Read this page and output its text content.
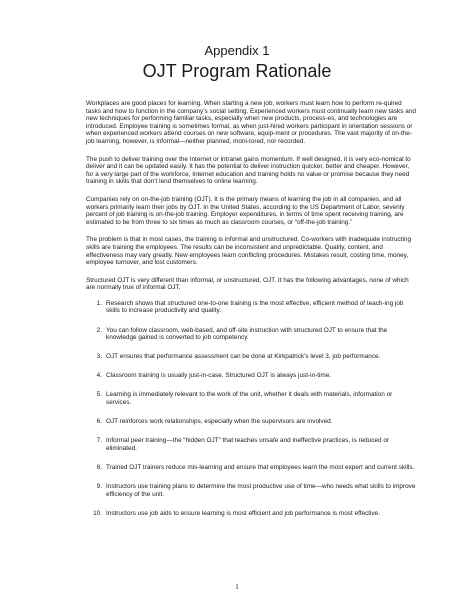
Appendix 1
OJT Program Rationale

Workplaces are good places for learning. When starting a new job, workers must learn how to perform re-quired tasks and how to function in the company’s social setting. Experienced workers must continually learn new tasks and new techniques for performing familiar tasks, especially when new products, process-es, and technologies are introduced. Employee training is sometimes formal, as when just-hired workers participant in orientation sessions or when experienced workers attend courses on new software, equip-ment or procedures. The vast majority of on-the-job learning, however, is informal—neither planned, moni-tored, nor recorded.

The push to deliver training over the Internet or intranet gains momentum. If well designed, it is very eco-nomical to deliver and it can be updated easily. It has the potential to deliver instruction quicker, better and cheaper. However, for a very large part of the workforce, Internet education and training holds no value or promise because they need training in skills that don’t lend themselves to online learning.

Companies rely on on-the-job training (OJT). It is the primary means of learning the job in all companies, and all workers primarily learn their jobs by OJT. In the United States, according to the US Department of Labor, seventy percent of job training is on-the-job training. Employer expenditures, in terms of time spent receiving training, are estimated to be from three to six times as much as classroom courses, or “off-the-job training.”

The problem is that in most cases, the training is informal and unstructured. Co-workers with inadequate instructing skills are training the employees. The results can be inconsistent and unpredictable. Quality, content, and effectiveness may vary greatly. New employees learn conflicting procedures. Mistakes result, costing time, money, employee turnover, and lost customers.

Structured OJT is very different than informal, or unstructured, OJT. It has the following advantages, none of which are normally true of informal OJT.

1. Research shows that structured one-to-one training is the most effective, efficient method of teach-ing job skills to increase productivity and quality.
2. You can follow classroom, web-based, and off-site instruction with structured OJT to ensure that the knowledge gained is converted to job competency.
3. OJT ensures that performance assessment can be done at Kirkpatrick’s level 3, job performance.
4. Classroom training is usually just-in-case. Structured OJT is always just-in-time.
5. Learning is immediately relevant to the work of the unit, whether it deals with materials, information or services.
6. OJT reinforces work relationships, especially when the supervisors are involved.
7. Informal peer training—the “hidden OJT” that teaches unsafe and ineffective practices, is reduced or eliminated.
8. Trained OJT trainers reduce mis-learning and ensure that employees learn the most expert and current skills.
9. Instructors use training plans to determine the most productive use of time—who needs what skills to improve efficiency of the unit.
10. Instructors use job aids to ensure learning is most efficient and job performance is most effective.
1
